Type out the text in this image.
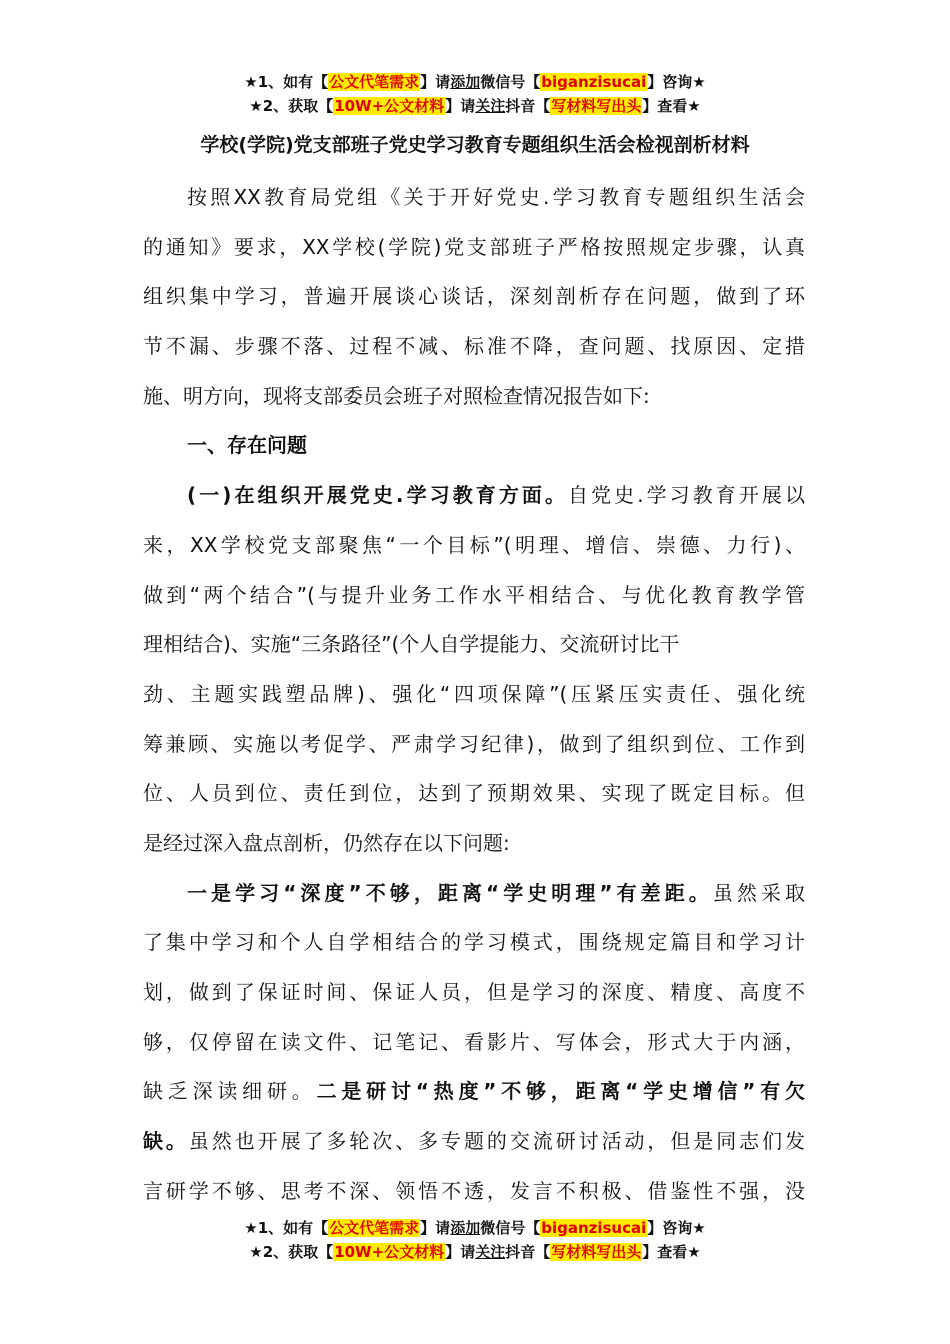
★1、如有【公文代笔需求】请添加微信号【biganzisucai】咨询★
★2、获取【10W+公文材料】请关注抖音【写材料写出头】查看★
学校(学院)党支部班子党史学习教育专题组织生活会检视剖析材料
按照XX教育局党组《关于开好党史.学习教育专题组织生活会
的通知》要求，XX学校(学院)党支部班子严格按照规定步骤，认真
组织集中学习，普遍开展谈心谈话，深刻剖析存在问题，做到了环
节不漏、步骤不落、过程不减、标准不降，查问题、找原因、定措
施、明方向，现将支部委员会班子对照检查情况报告如下:
一、存在问题
(一)在组织开展党史.学习教育方面。自党史.学习教育开展以
来，XX学校党支部聚焦“一个目标”(明理、增信、崇德、力行)、
做到“两个结合”(与提升业务工作水平相结合、与优化教育教学管
理相结合)、实施“三条路径”(个人自学提能力、交流研讨比干
劲、主题实践塑品牌)、强化“四项保障”(压紧压实责任、强化统
筹兼顾、实施以考促学、严肃学习纪律)，做到了组织到位、工作到
位、人员到位、责任到位，达到了预期效果、实现了既定目标。但
是经过深入盘点剖析，仍然存在以下问题:
一是学习“深度”不够，距离“学史明理”有差距。虽然采取
了集中学习和个人自学相结合的学习模式，围绕规定篇目和学习计
划，做到了保证时间、保证人员，但是学习的深度、精度、高度不
够，仅停留在读文件、记笔记、看影片、写体会，形式大于内涵，
缺乏深读细研。二是研讨“热度”不够，距离“学史增信”有欠
缺。虽然也开展了多轮次、多专题的交流研讨活动，但是同志们发
言研学不够、思考不深、领悟不透，发言不积极、借鉴性不强，没
★1、如有【公文代笔需求】请添加微信号【biganzisucai】咨询★
★2、获取【10W+公文材料】请关注抖音【写材料写出头】查看★
